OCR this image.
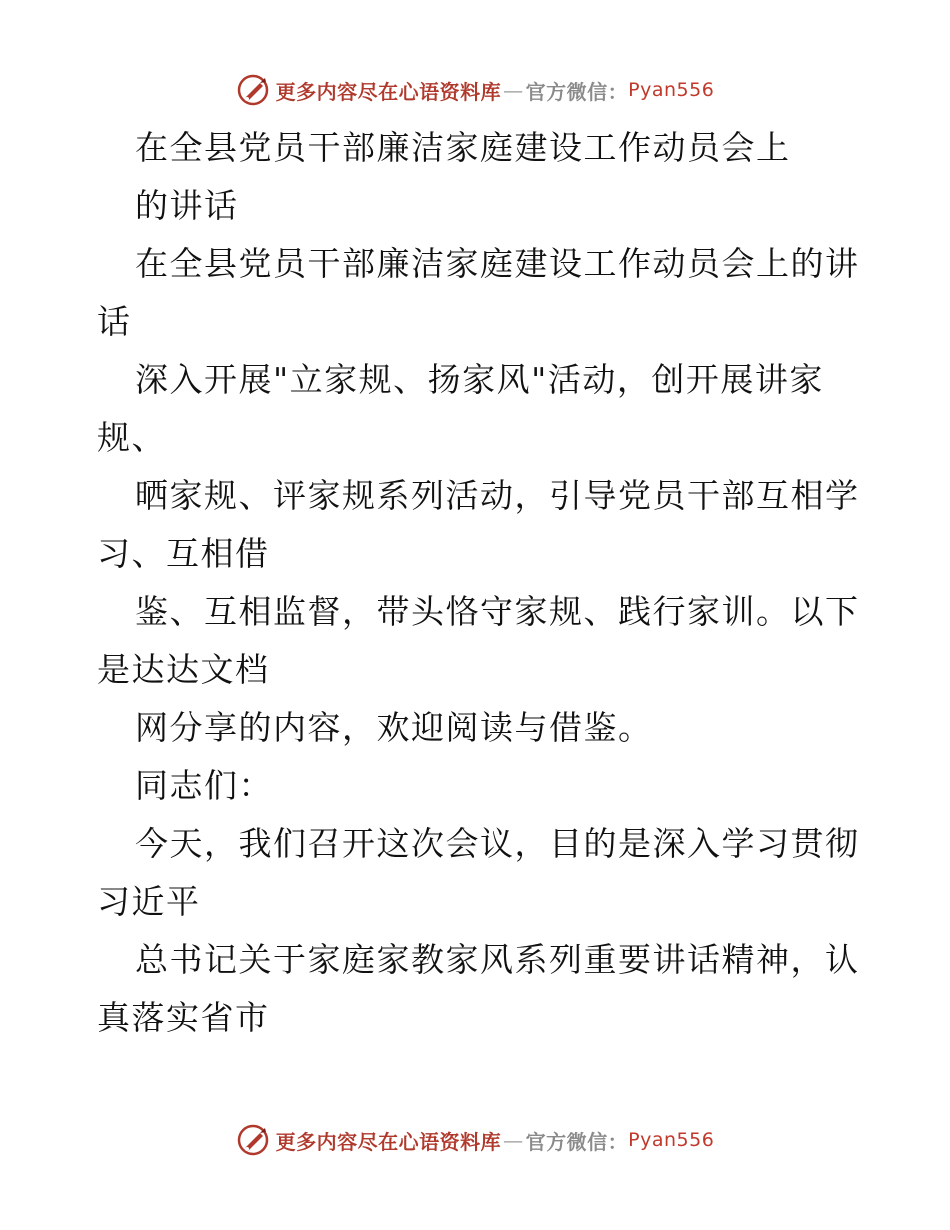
更多内容尽在心语资料库 — 官方微信： Pyan556
在全县党员干部廉洁家庭建设工作动员会上
的讲话
在全县党员干部廉洁家庭建设工作动员会上的讲
话
深入开展"立家规、扬家风"活动，创开展讲家
规、
晒家规、评家规系列活动，引导党员干部互相学
习、互相借
鉴、互相监督，带头恪守家规、践行家训。以下
是达达文档
网分享的内容，欢迎阅读与借鉴。
同志们：
今天，我们召开这次会议，目的是深入学习贯彻
习近平
总书记关于家庭家教家风系列重要讲话精神，认
真落实省市
更多内容尽在心语资料库 — 官方微信： Pyan556
